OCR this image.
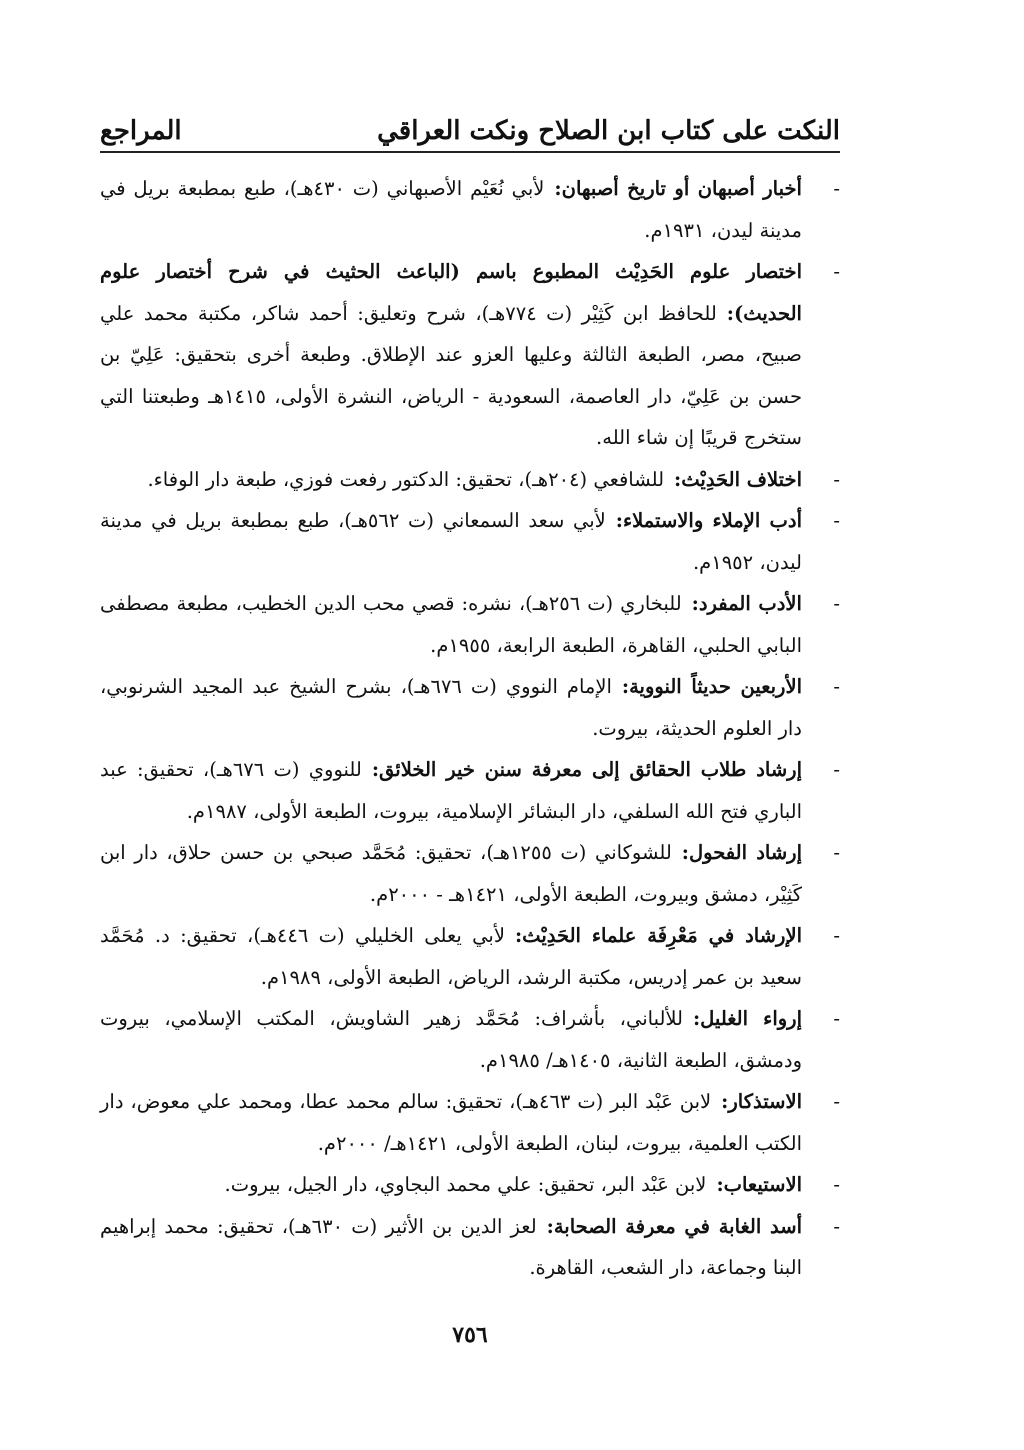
النكت على كتاب ابن الصلاح ونكت العراقي
المراجع
-
أخبار أصبهان أو تاريخ أصبهان:لأبي نُعَيْم الأصبهاني (ت ٤٣٠هـ)، طبع بمطبعة بريل في مدينة ليدن، ١٩٣١م.
-
اختصار علوم الحَدِيْث المطبوع باسم (الباعث الحثيث في شرح أختصار علوم الحديث):للحافظ ابن كَثِيْر (ت ٧٧٤هـ)، شرح وتعليق: أحمد شاكر، مكتبة محمد علي صبيح، مصر، الطبعة الثالثة وعليها العزو عند الإطلاق. وطبعة أخرى بتحقيق: عَلِيّ بن حسن بن عَلِيّ، دار العاصمة، السعودية - الرياض، النشرة الأولى، ١٤١٥هـ وطبعتنا التي ستخرج قريبًا إن شاء الله.
-
اختلاف الحَدِيْث:للشافعي (٢٠٤هـ)، تحقيق: الدكتور رفعت فوزي، طبعة دار الوفاء.
-
أدب الإملاء والاستملاء:لأبي سعد السمعاني (ت ٥٦٢هـ)، طبع بمطبعة بريل في مدينة ليدن، ١٩٥٢م.
-
الأدب المفرد:للبخاري (ت ٢٥٦هـ)، نشره: قصي محب الدين الخطيب، مطبعة مصطفى البابي الحلبي، القاهرة، الطبعة الرابعة، ١٩٥٥م.
-
الأربعين حديثاً النووية:الإمام النووي (ت ٦٧٦هـ)، بشرح الشيخ عبد المجيد الشرنوبي، دار العلوم الحديثة، بيروت.
-
إرشاد طلاب الحقائق إلى معرفة سنن خير الخلائق:للنووي (ت ٦٧٦هـ)، تحقيق: عبد الباري فتح الله السلفي، دار البشائر الإسلامية، بيروت، الطبعة الأولى، ١٩٨٧م.
-
إرشاد الفحول:للشوكاني (ت ١٢٥٥هـ)، تحقيق: مُحَمَّد صبحي بن حسن حلاق، دار ابن كَثِيْر، دمشق وبيروت، الطبعة الأولى، ١٤٢١هـ - ٢٠٠٠م.
-
الإرشاد في مَعْرِفَة علماء الحَدِيْث:لأبي يعلى الخليلي (ت ٤٤٦هـ)، تحقيق: د. مُحَمَّد سعيد بن عمر إدريس، مكتبة الرشد، الرياض، الطبعة الأولى، ١٩٨٩م.
-
إرواء الغليل:للألباني، بأشراف: مُحَمَّد زهير الشاويش، المكتب الإسلامي، بيروت ودمشق، الطبعة الثانية، ١٤٠٥هـ/ ١٩٨٥م.
-
الاستذكار:لابن عَبْد البر (ت ٤٦٣هـ)، تحقيق: سالم محمد عطا، ومحمد علي معوض، دار الكتب العلمية، بيروت، لبنان، الطبعة الأولى، ١٤٢١هـ/ ٢٠٠٠م.
-
الاستيعاب:لابن عَبْد البر، تحقيق: علي محمد البجاوي، دار الجيل، بيروت.
-
أسد الغابة في معرفة الصحابة:لعز الدين بن الأثير (ت ٦٣٠هـ)، تحقيق: محمد إبراهيم البنا وجماعة، دار الشعب، القاهرة.
٧٥٦
